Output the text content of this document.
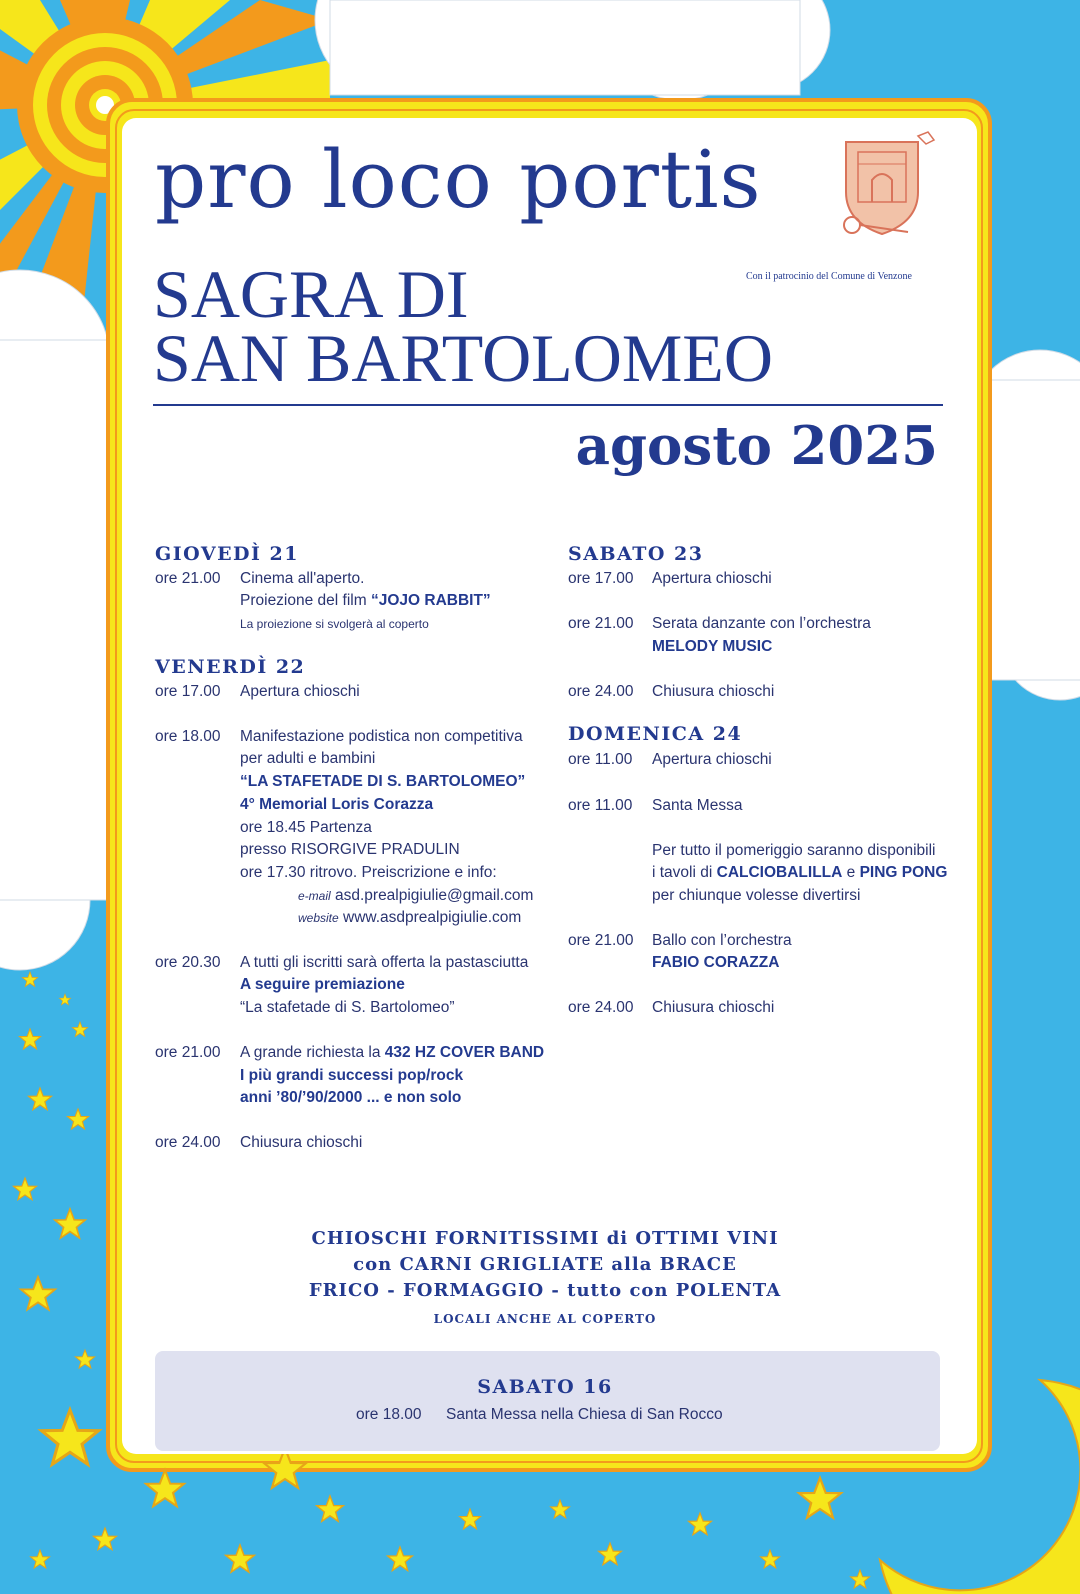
pro loco portis
Con il patrocinio del Comune di Venzone
SAGRA DI
SAN BARTOLOMEO
agosto 2025
GIOVEDÌ 21
ore 21.00 Cinema all'aperto.
Proiezione del film “JOJO RABBIT”
La proiezione si svolgerà al coperto
VENERDÌ 22
ore 17.00 Apertura chioschi
ore 18.00 Manifestazione podistica non competitiva
per adulti e bambini
“LA STAFETADE DI S. BARTOLOMEO”
4° Memorial Loris Corazza
ore 18.45 Partenza
presso RISORGIVE PRADULIN
ore 17.30 ritrovo. Preiscrizione e info:
e-mail asd.prealpigiulie@gmail.com
website www.asdprealpigiulie.com
ore 20.30 A tutti gli iscritti sarà offerta la pastasciutta
A seguire premiazione
“La stafetade di S. Bartolomeo”
ore 21.00 A grande richiesta la 432 HZ COVER BAND
I più grandi successi pop/rock
anni ’80/’90/2000 ... e non solo
ore 24.00 Chiusura chioschi
SABATO 23
ore 17.00 Apertura chioschi
ore 21.00 Serata danzante con l’orchestra
MELODY MUSIC
ore 24.00 Chiusura chioschi
DOMENICA 24
ore 11.00 Apertura chioschi
ore 11.00 Santa Messa
Per tutto il pomeriggio saranno disponibili
i tavoli di CALCIOBALILLA e PING PONG
per chiunque volesse divertirsi
ore 21.00 Ballo con l’orchestra
FABIO CORAZZA
ore 24.00 Chiusura chioschi
CHIOSCHI FORNITISSIMI di OTTIMI VINI
con CARNI GRIGLIATE alla BRACE
FRICO - FORMAGGIO - tutto con POLENTA
LOCALI ANCHE AL COPERTO
SABATO 16
ore 18.00 Santa Messa nella Chiesa di San Rocco
